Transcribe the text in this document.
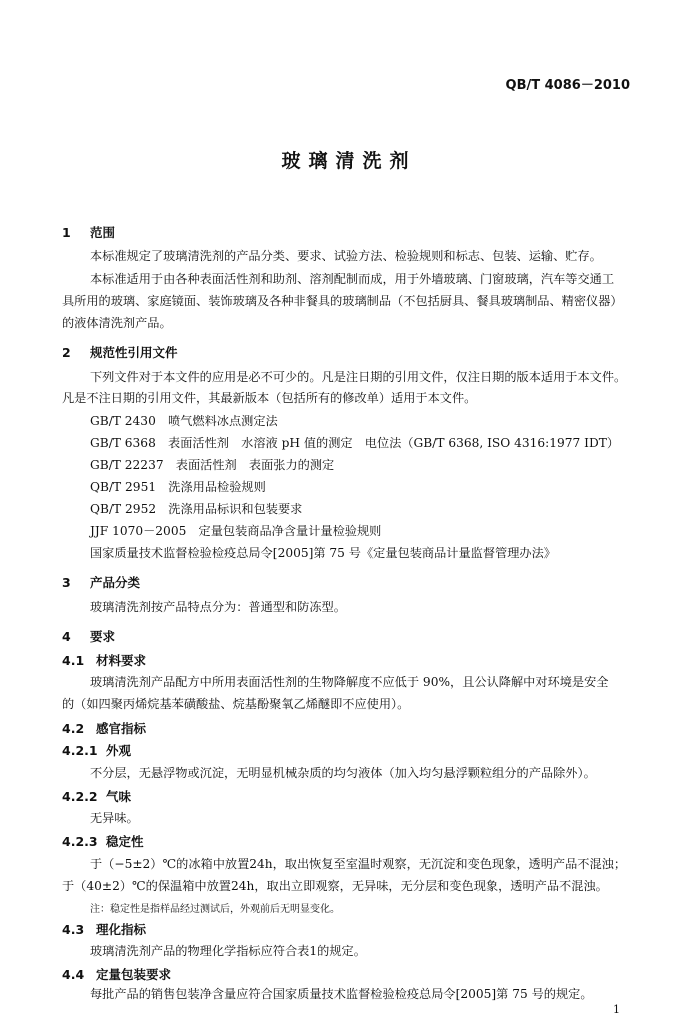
QB/T 4086－2010
玻璃清洗剂
1 范围
本标准规定了玻璃清洗剂的产品分类、要求、试验方法、检验规则和标志、包装、运输、贮存。
本标准适用于由各种表面活性剂和助剂、溶剂配制而成，用于外墙玻璃、门窗玻璃，汽车等交通工
具所用的玻璃、家庭镜面、装饰玻璃及各种非餐具的玻璃制品（不包括厨具、餐具玻璃制品、精密仪器）
的液体清洗剂产品。
2 规范性引用文件
下列文件对于本文件的应用是必不可少的。凡是注日期的引用文件，仅注日期的版本适用于本文件。
凡是不注日期的引用文件，其最新版本（包括所有的修改单）适用于本文件。
GB/T 2430　喷气燃料冰点测定法
GB/T 6368　表面活性剂　水溶液 pH 值的测定　电位法（GB/T 6368, ISO 4316:1977 IDT）
GB/T 22237　表面活性剂　表面张力的测定
QB/T 2951　洗涤用品检验规则
QB/T 2952　洗涤用品标识和包装要求
JJF 1070－2005　定量包装商品净含量计量检验规则
国家质量技术监督检验检疫总局令[2005]第 75 号《定量包装商品计量监督管理办法》
3 产品分类
玻璃清洗剂按产品特点分为：普通型和防冻型。
4 要求
4.1 材料要求
玻璃清洗剂产品配方中所用表面活性剂的生物降解度不应低于 90%，且公认降解中对环境是安全
的（如四聚丙烯烷基苯磺酸盐、烷基酚聚氧乙烯醚即不应使用）。
4.2 感官指标
4.2.1 外观
不分层，无悬浮物或沉淀，无明显机械杂质的均匀液体（加入均匀悬浮颗粒组分的产品除外）。
4.2.2 气味
无异味。
4.2.3 稳定性
于（−5±2）℃的冰箱中放置24h，取出恢复至室温时观察，无沉淀和变色现象，透明产品不混浊；
于（40±2）℃的保温箱中放置24h，取出立即观察，无异味，无分层和变色现象，透明产品不混浊。
注：稳定性是指样品经过测试后，外观前后无明显变化。
4.3 理化指标
玻璃清洗剂产品的物理化学指标应符合表1的规定。
4.4 定量包装要求
每批产品的销售包装净含量应符合国家质量技术监督检验检疫总局令[2005]第 75 号的规定。
1
